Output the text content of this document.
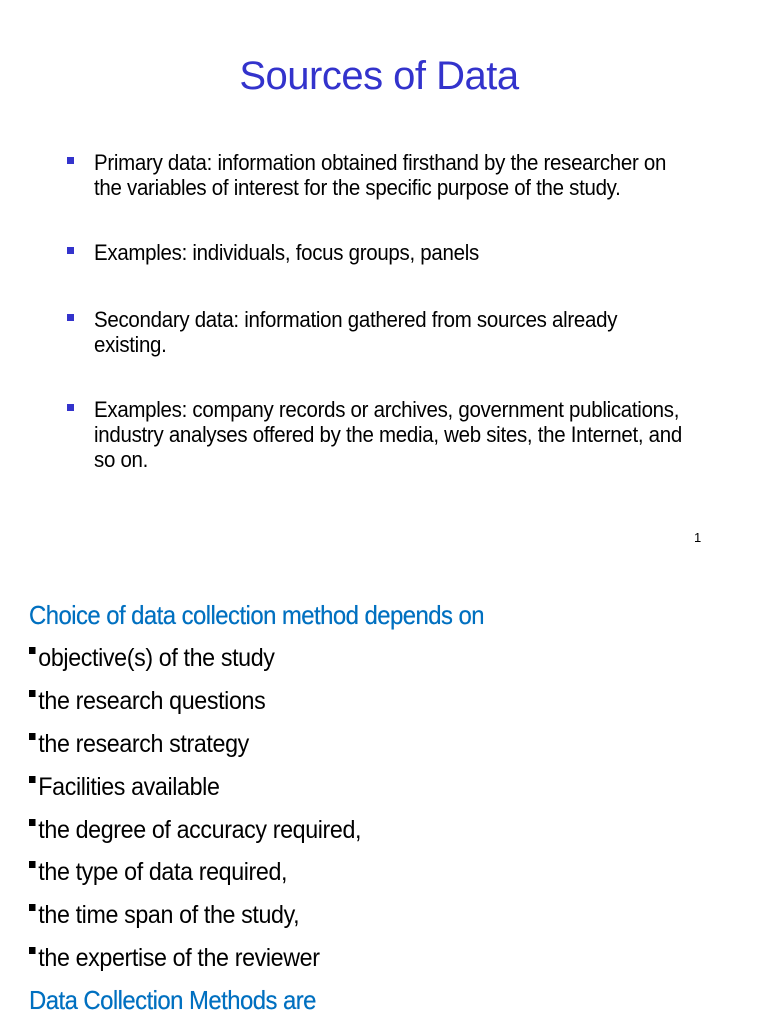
Sources of Data
Primary data: information obtained firsthand by the researcher on the variables of interest for the specific purpose of the study.
Examples: individuals, focus groups, panels
Secondary data: information gathered from sources already existing.
Examples: company records or archives, government publications, industry analyses offered by the media, web sites, the Internet, and so on.
1
Choice of data collection method depends on
objective(s) of the study
the research questions
the research strategy
Facilities available
the degree of accuracy required,
the type of data required,
the time span of the study,
the expertise of the reviewer
Data Collection Methods are
